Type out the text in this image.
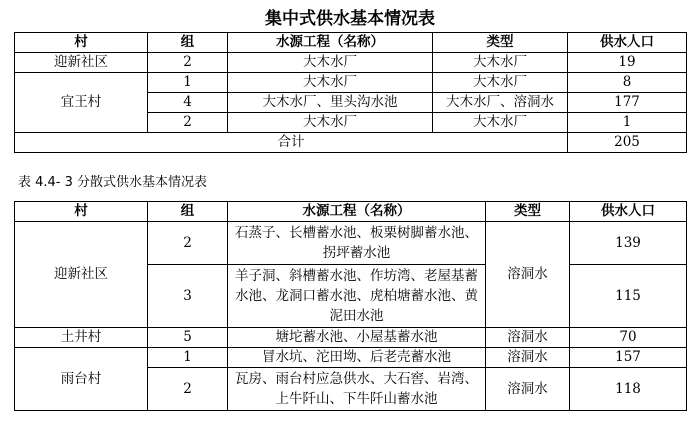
集中式供水基本情况表
村	组	水源工程（名称）	类型	供水人口
迎新社区	2	大木水厂	大木水厂	19
宜王村	1	大木水厂	大木水厂	8
	4	大木水厂、里头沟水池	大木水厂、溶洞水	177
	2	大木水厂	大木水厂	1
合计				205
表 4.4- 3 分散式供水基本情况表
村	组	水源工程（名称）	类型	供水人口
迎新社区	2	石蒸子、长槽蓄水池、板栗树脚蓄水池、拐坪蓄水池	溶洞水	139
	3	羊子洞、斜槽蓄水池、作坊湾、老屋基蓄水池、龙洞口蓄水池、虎柏塘蓄水池、黄泥田水池		115
土井村	5	塘坨蓄水池、小屋基蓄水池	溶洞水	70
雨台村	1	冒水坑、沱田坳、后老壳蓄水池	溶洞水	157
	2	瓦房、雨台村应急供水、大石窖、岩湾、上牛阡山、下牛阡山蓄水池	溶洞水	118
